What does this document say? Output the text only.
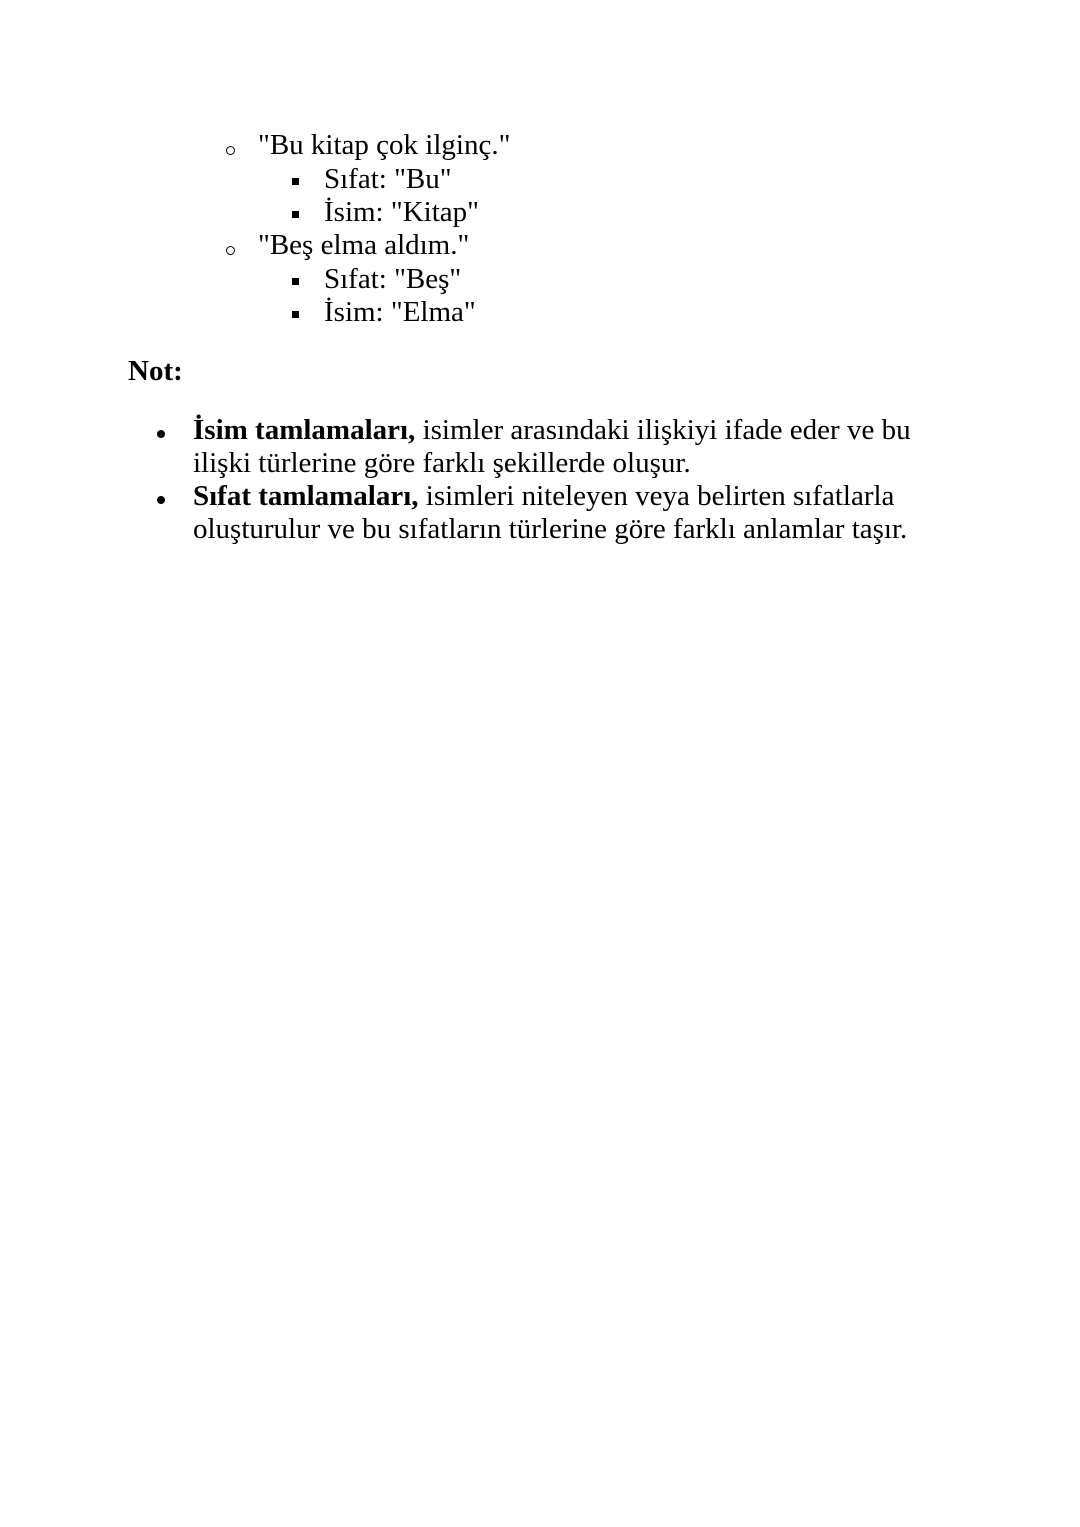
"Bu kitap çok ilginç."
Sıfat: "Bu"
İsim: "Kitap"
"Beş elma aldım."
Sıfat: "Beş"
İsim: "Elma"
Not:
İsim tamlamaları, isimler arasındaki ilişkiyi ifade eder ve bu
ilişki türlerine göre farklı şekillerde oluşur.
Sıfat tamlamaları, isimleri niteleyen veya belirten sıfatlarla
oluşturulur ve bu sıfatların türlerine göre farklı anlamlar taşır.
